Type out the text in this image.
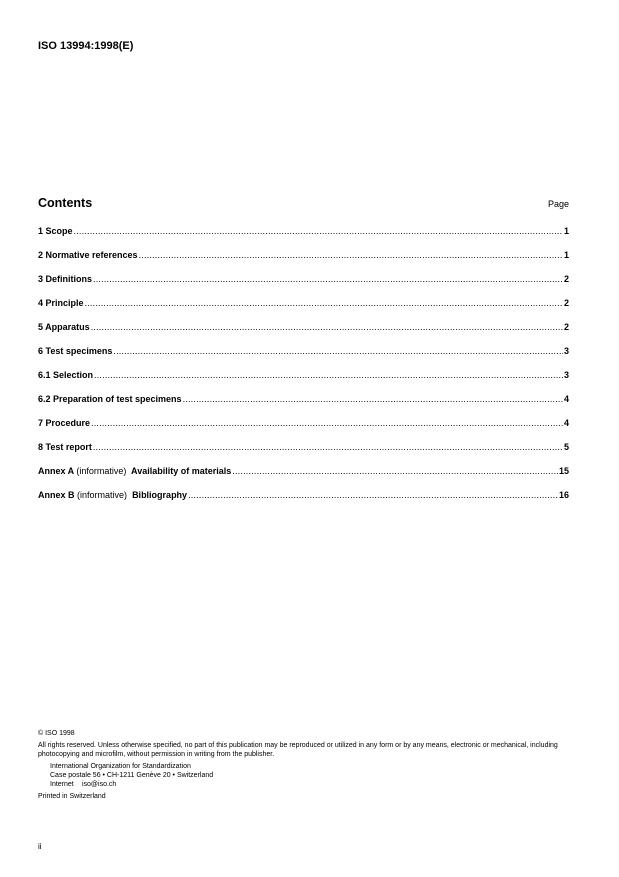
ISO 13994:1998(E)
Contents	Page
1 Scope .....	1
2 Normative references .....	1
3 Definitions .....	2
4 Principle .....	2
5 Apparatus .....	2
6 Test specimens .....	3
6.1 Selection .....	3
6.2 Preparation of test specimens .....	4
7 Procedure .....	4
8 Test report .....	5
Annex A (informative) Availability of materials .....	15
Annex B (informative) Bibliography .....	16

© ISO 1998

All rights reserved. Unless otherwise specified, no part of this publication may be reproduced or utilized in any form or by any means, electronic or mechanical, including photocopying and microfilm, without permission in writing from the publisher.

International Organization for Standardization

Case postale 56 • CH-1211 Genève 20 • Switzerland

Internet iso@iso.ch

Printed in Switzerland

ii
